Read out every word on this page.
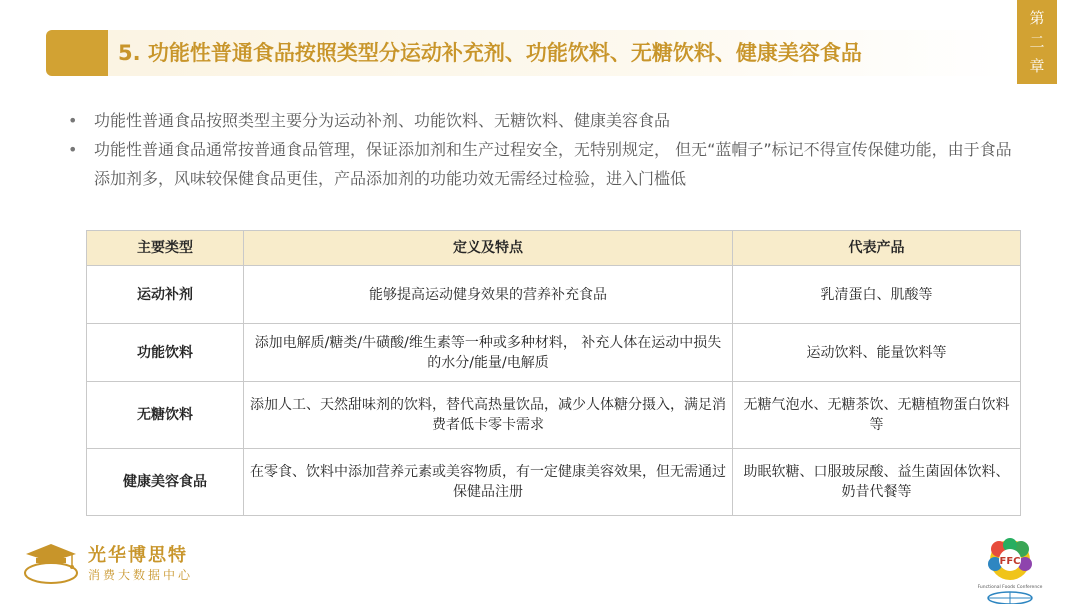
5. 功能性普通食品按照类型分运动补充剂、功能饮料、无糖饮料、健康美容食品
第二章
• 功能性普通食品按照类型主要分为运动补剂、功能饮料、无糖饮料、健康美容食品
• 功能性普通食品通常按普通食品管理，保证添加剂和生产过程安全，无特别规定， 但无“蓝帽子”标记不得宣传保健功能，由于食品添加剂多，风味较保健食品更佳，产品添加剂的功能功效无需经过检验，进入门槛低
主要类型	定义及特点	代表产品
运动补剂	能够提高运动健身效果的营养补充食品	乳清蛋白、肌酸等
功能饮料	添加电解质/糖类/牛磺酸/维生素等一种或多种材料， 补充人体在运动中损失的水分/能量/电解质	运动饮料、能量饮料等
无糖饮料	添加人工、天然甜味剂的饮料，替代高热量饮品，减少人体糖分摄入，满足消费者低卡零卡需求	无糖气泡水、无糖茶饮、无糖植物蛋白饮料等
健康美容食品	在零食、饮料中添加营养元素或美容物质，有一定健康美容效果，但无需通过保健品注册	助眠软糖、口服玻尿酸、益生菌固体饮料、奶昔代餐等
光华博思特
消费大数据中心
FFC
Functional Foods Conference
